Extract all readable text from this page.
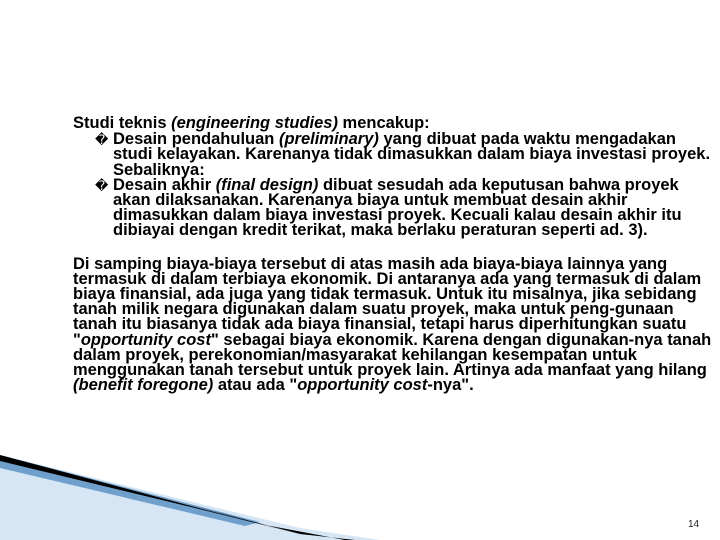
Studi teknis (engineering studies) mencakup:

� Desain pendahuluan (preliminary) yang dibuat pada waktu mengadakan studi kelayakan. Karenanya tidak dimasukkan dalam biaya investasi proyek. Sebaliknya:
� Desain akhir (final design) dibuat sesudah ada keputusan bahwa proyek akan dilaksanakan. Karenanya biaya untuk membuat desain akhir dimasukkan dalam biaya investasi proyek. Kecuali kalau desain akhir itu dibiayai dengan kredit terikat, maka berlaku peraturan seperti ad. 3).

Di samping biaya-biaya tersebut di atas masih ada biaya-biaya lainnya yang termasuk di dalam terbiaya ekonomik. Di antaranya ada yang termasuk di dalam biaya finansial, ada juga yang tidak termasuk. Untuk itu misalnya, jika sebidang tanah milik negara digunakan dalam suatu proyek, maka untuk peng-gunaan tanah itu biasanya tidak ada biaya finansial, tetapi harus diperhitungkan suatu "opportunity cost" sebagai biaya ekonomik. Karena dengan digunakan-nya tanah dalam proyek, perekonomian/masyarakat kehilangan kesempatan untuk menggunakan tanah tersebut untuk proyek lain. Artinya ada manfaat yang hilang (benefit foregone) atau ada "opportunity cost-nya".

14
